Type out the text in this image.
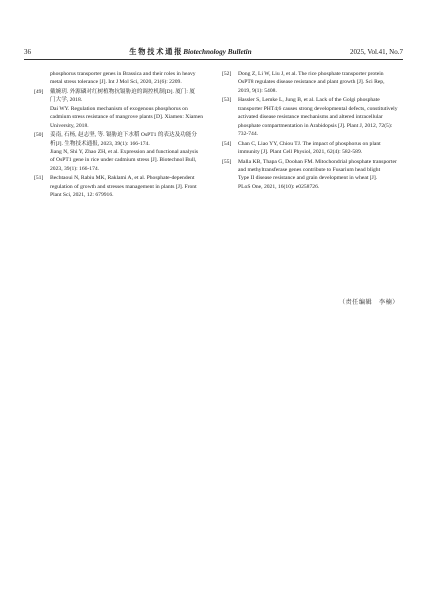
36	生 物 技 术 通 报 Biotechnology Bulletin	2025, Vol.41, No.7
phosphorus transporter genes in Brassica and their roles in heavy
metal stress tolerance [J]. Int J Mol Sci, 2020, 21(6): 2209.
[49]	戴婉玥. 外源磷对红树植物抗镉胁迫的调控机制[D]. 厦门: 厦
门大学, 2018.
Dai WY. Regulation mechanism of exogenous phosphorus on
cadmium stress resistance of mangrove plants [D]. Xiamen: Xiamen
University, 2018.
[50]	姜南, 石杨, 赵志坚, 等. 镉胁迫下水稻 OsPT1 的表达及功能分
析[J]. 生物技术通报, 2023, 39(1): 166-174.
Jiang N, Shi Y, Zhao ZH, et al. Expression and functional analysis
of OsPT1 gene in rice under cadmium stress [J]. Biotechnol Bull,
2023, 39(1): 166-174.
[51]	Bechtaoui N, Rabiu MK, Raklami A, et al. Phosphate-dependent
regulation of growth and stresses management in plants [J]. Front
Plant Sci, 2021, 12: 679916.
[52]	Dong Z, Li W, Liu J, et al. The rice phosphate transporter protein
OsPT8 regulates disease resistance and plant growth [J]. Sci Rep,
2019, 9(1): 5408.
[53]	Hassler S, Lemke L, Jung B, et al. Lack of the Golgi phosphate
transporter PHT4;6 causes strong developmental defects, constitutively
activated disease resistance mechanisms and altered intracellular
phosphate compartmentation in Arabidopsis [J]. Plant J, 2012, 72(5):
732-744.
[54]	Chan C, Liao YY, Chiou TJ. The impact of phosphorus on plant
immunity [J]. Plant Cell Physiol, 2021, 62(4): 582-589.
[55]	Malla KB, Thapa G, Doohan FM. Mitochondrial phosphate transporter
and methyltransferase genes contribute to Fusarium head blight
Type II disease resistance and grain development in wheat [J].
PLoS One, 2021, 16(10): e0258726.
（责任编辑　李楠）
